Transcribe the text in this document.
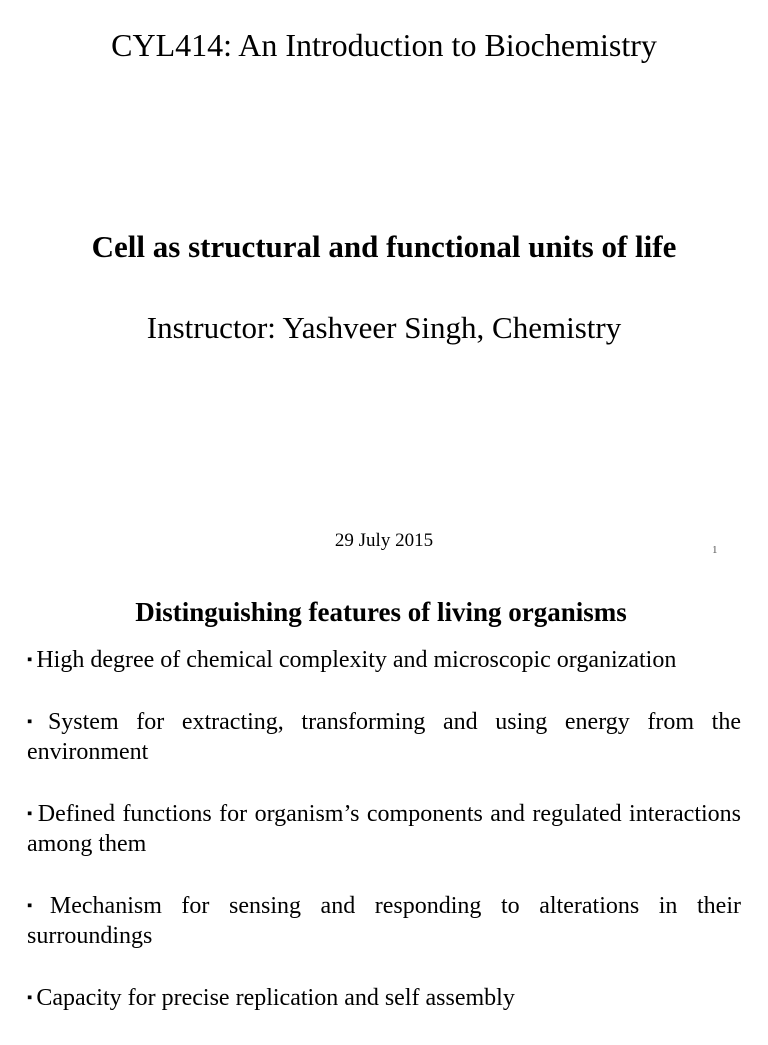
CYL414: An Introduction to Biochemistry
Cell as structural and functional units of life
Instructor: Yashveer Singh, Chemistry
29 July 2015	1
Distinguishing features of living organisms
▪ High degree of chemical complexity and microscopic organization
▪ System for extracting, transforming and using energy from the environment
▪ Defined functions for organism’s components and regulated interactions among them
▪ Mechanism for sensing and responding to alterations in their surroundings
▪ Capacity for precise replication and self assembly
